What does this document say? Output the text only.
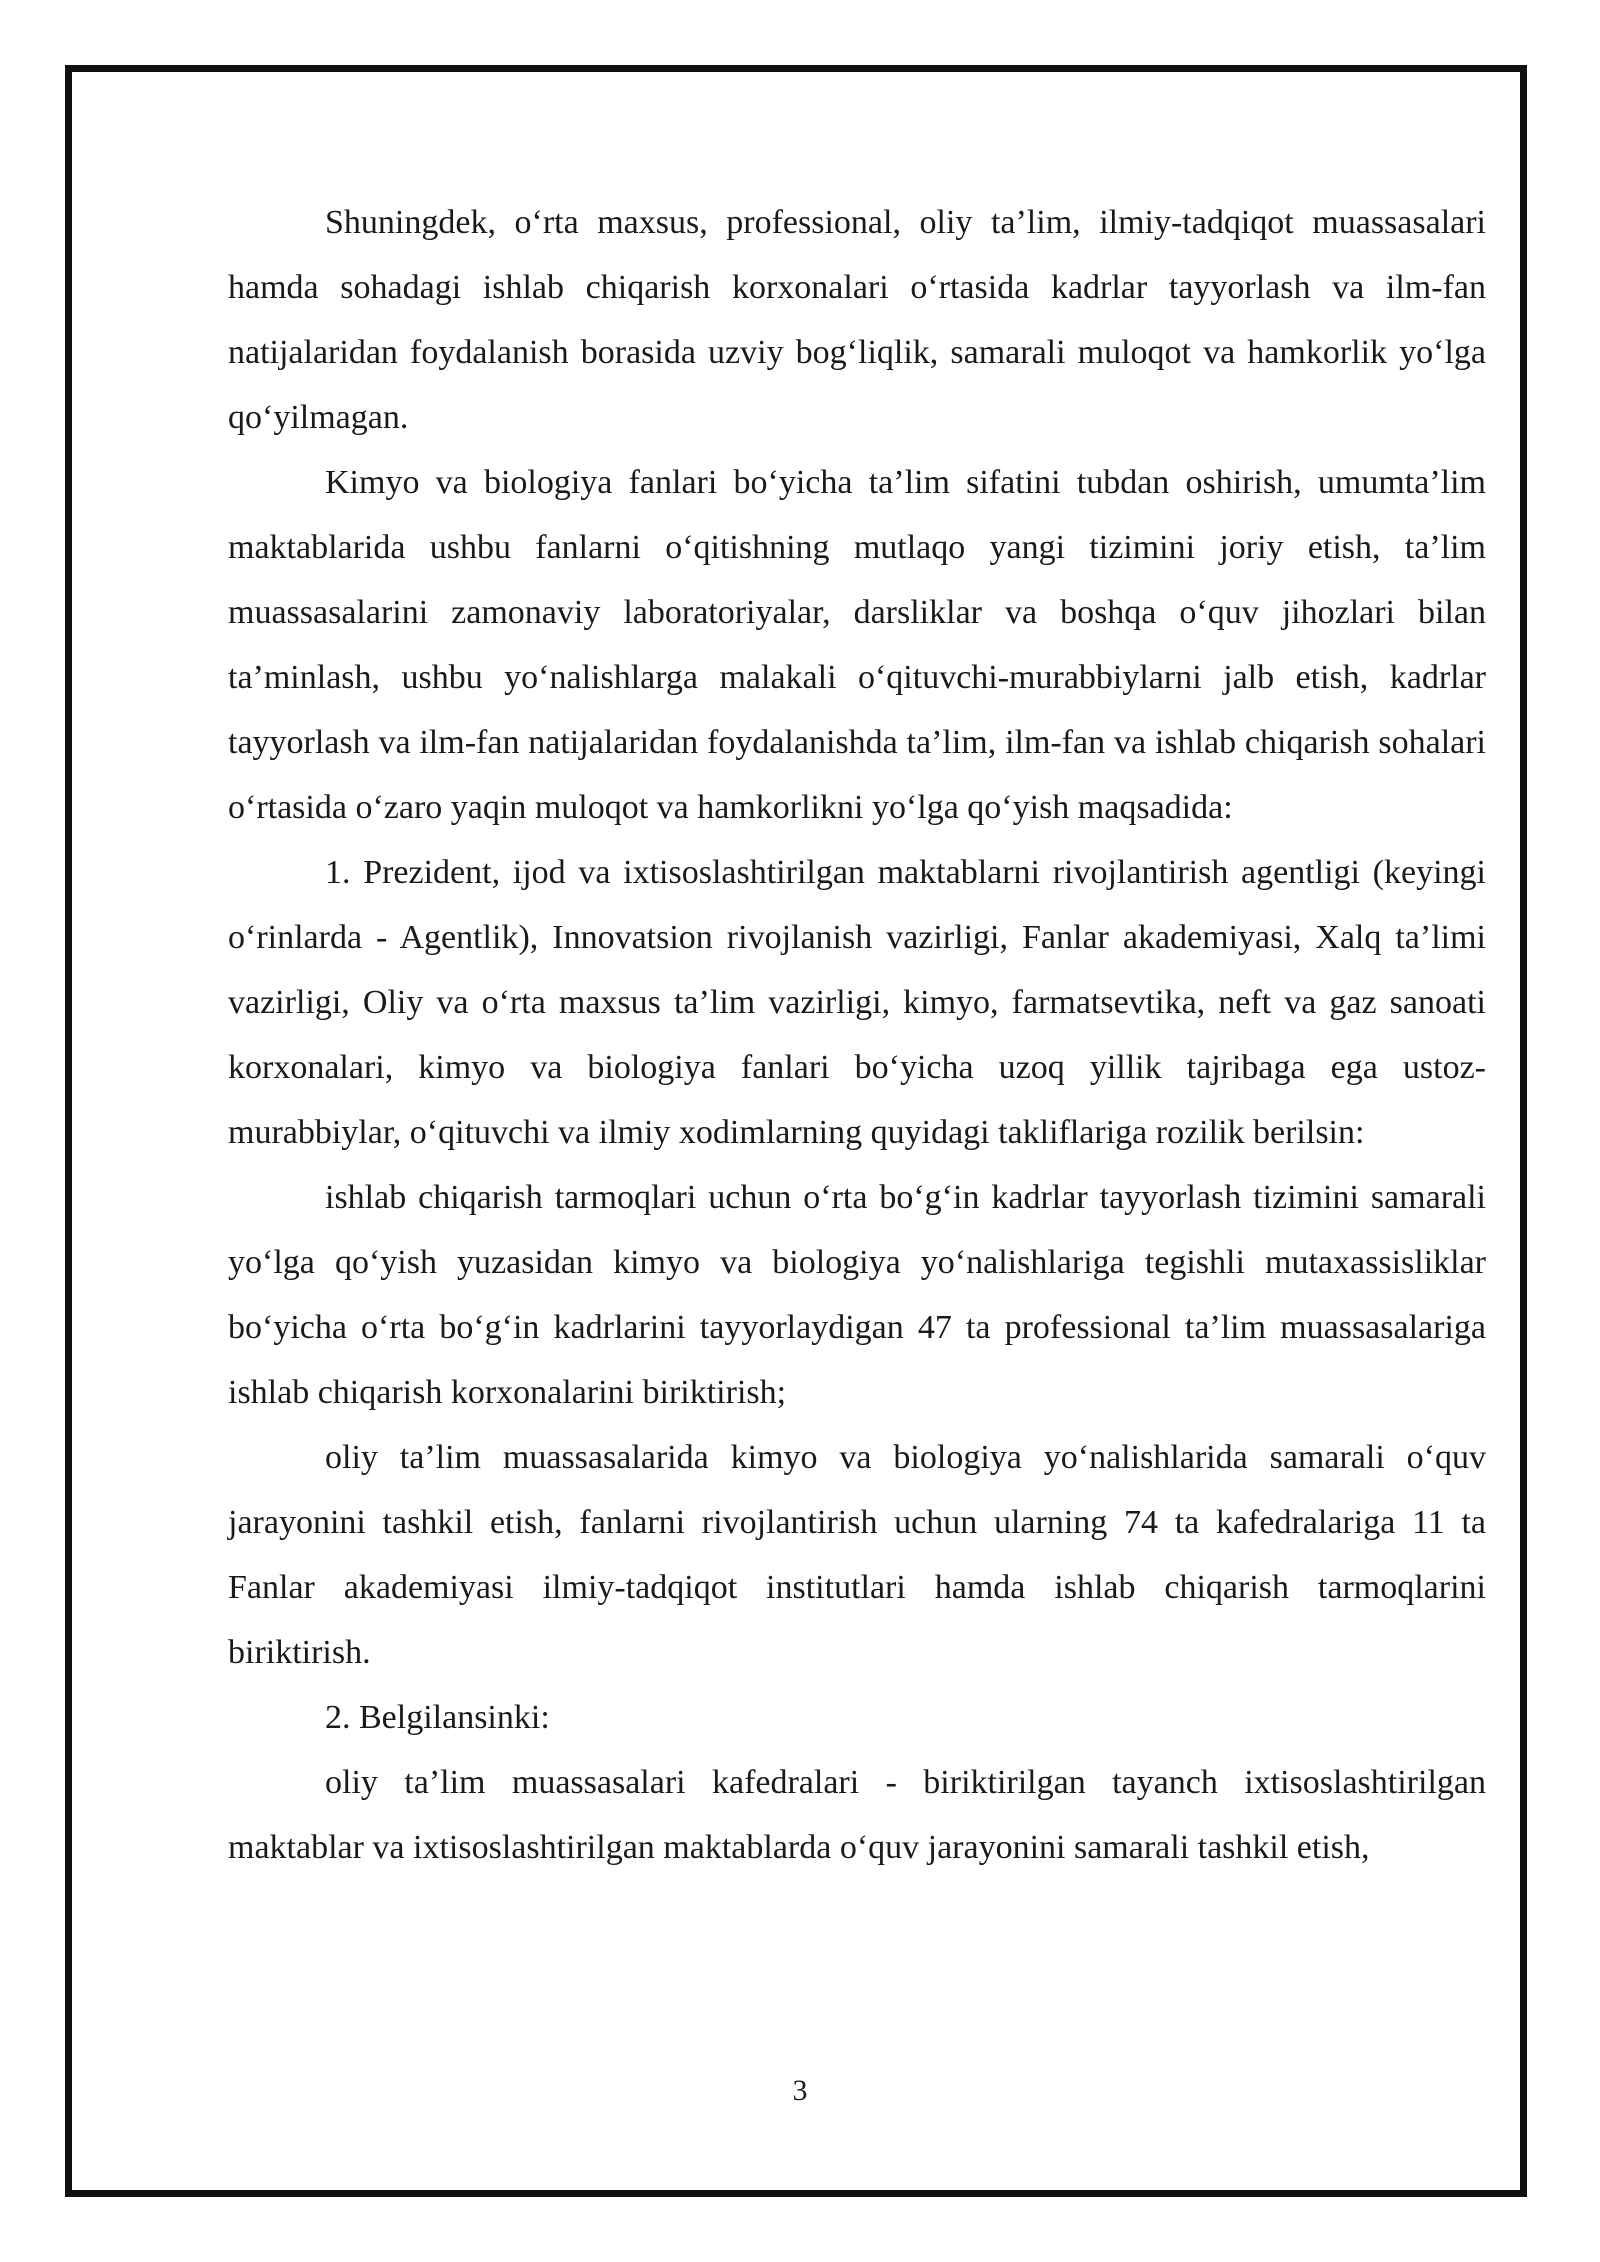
Shuningdek, o‘rta maxsus, professional, oliy ta’lim, ilmiy-tadqiqot muassasalari hamda sohadagi ishlab chiqarish korxonalari o‘rtasida kadrlar tayyorlash va ilm-fan natijalaridan foydalanish borasida uzviy bog‘liqlik, samarali muloqot va hamkorlik yo‘lga qo‘yilmagan.

Kimyo va biologiya fanlari bo‘yicha ta’lim sifatini tubdan oshirish, umumta’lim maktablarida ushbu fanlarni o‘qitishning mutlaqo yangi tizimini joriy etish, ta’lim muassasalarini zamonaviy laboratoriyalar, darsliklar va boshqa o‘quv jihozlari bilan ta’minlash, ushbu yo‘nalishlarga malakali o‘qituvchi-murabbiylarni jalb etish, kadrlar tayyorlash va ilm-fan natijalaridan foydalanishda ta’lim, ilm-fan va ishlab chiqarish sohalari o‘rtasida o‘zaro yaqin muloqot va hamkorlikni yo‘lga qo‘yish maqsadida:

1. Prezident, ijod va ixtisoslashtirilgan maktablarni rivojlantirish agentligi (keyingi o‘rinlarda - Agentlik), Innovatsion rivojlanish vazirligi, Fanlar akademiyasi, Xalq ta’limi vazirligi, Oliy va o‘rta maxsus ta’lim vazirligi, kimyo, farmatsevtika, neft va gaz sanoati korxonalari, kimyo va biologiya fanlari bo‘yicha uzoq yillik tajribaga ega ustoz-murabbiylar, o‘qituvchi va ilmiy xodimlarning quyidagi takliflariga rozilik berilsin:

ishlab chiqarish tarmoqlari uchun o‘rta bo‘g‘in kadrlar tayyorlash tizimini samarali yo‘lga qo‘yish yuzasidan kimyo va biologiya yo‘nalishlariga tegishli mutaxassisliklar bo‘yicha o‘rta bo‘g‘in kadrlarini tayyorlaydigan 47 ta professional ta’lim muassasalariga ishlab chiqarish korxonalarini biriktirish;

oliy ta’lim muassasalarida kimyo va biologiya yo‘nalishlarida samarali o‘quv jarayonini tashkil etish, fanlarni rivojlantirish uchun ularning 74 ta kafedralariga 11 ta Fanlar akademiyasi ilmiy-tadqiqot institutlari hamda ishlab chiqarish tarmoqlarini biriktirish.

2. Belgilansinki:

oliy ta’lim muassasalari kafedralari - biriktirilgan tayanch ixtisoslashtirilgan maktablar va ixtisoslashtirilgan maktablarda o‘quv jarayonini samarali tashkil etish,

3
